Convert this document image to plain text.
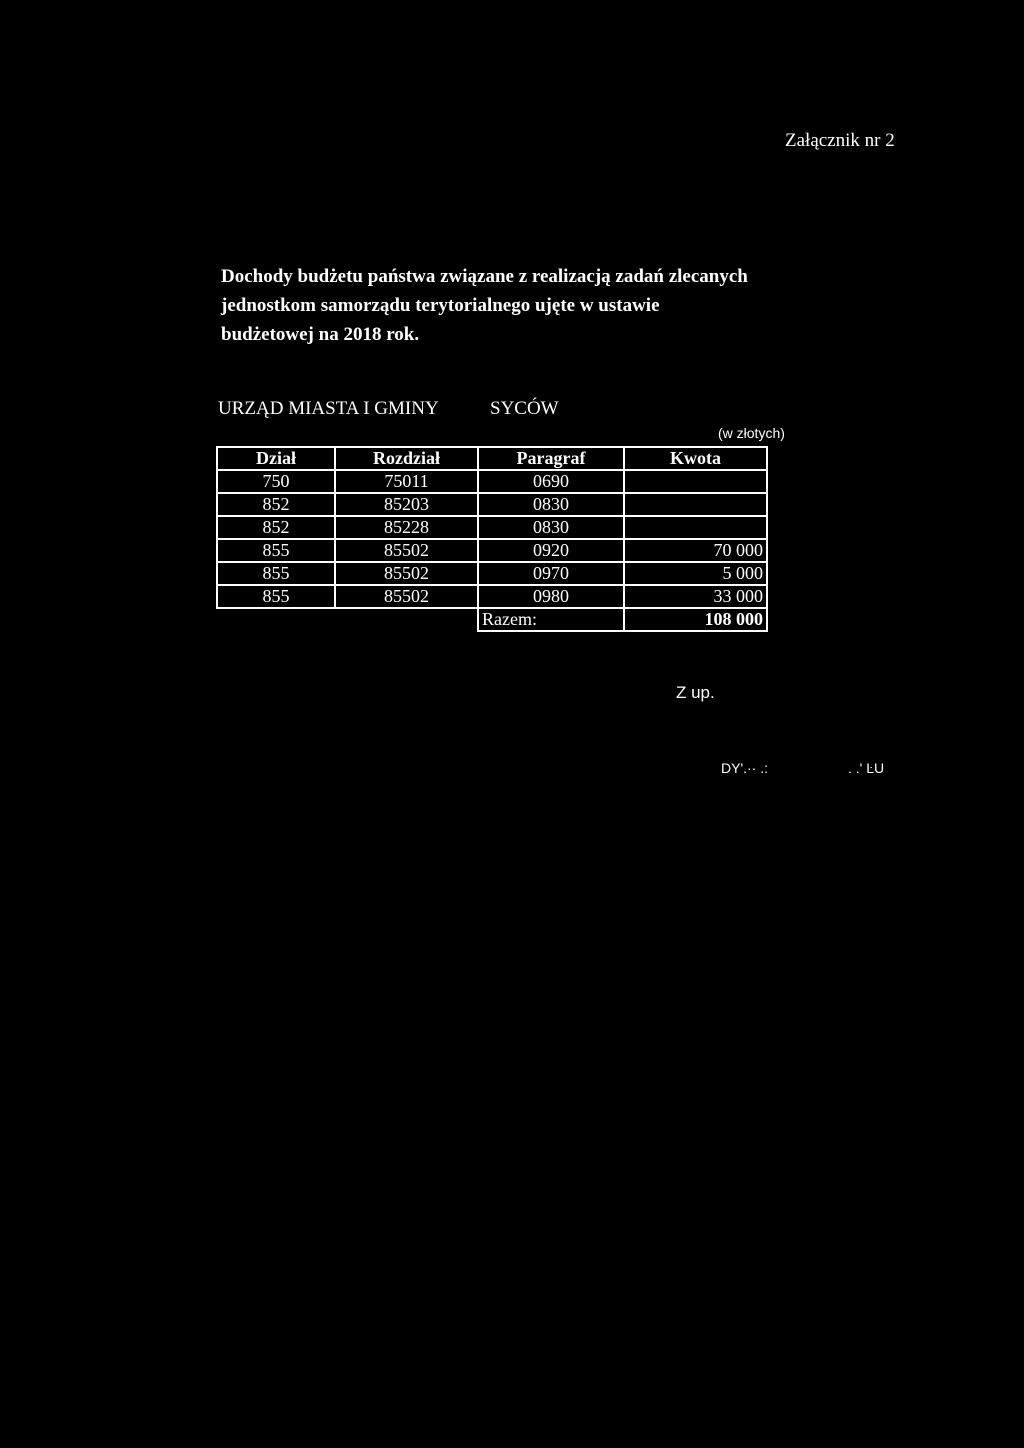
Załącznik nr 2
Dochody budżetu państwa związane z realizacją zadań zlecanych
jednostkom samorządu terytorialnego ujęte w ustawie
budżetowej na 2018 rok.
URZĄD MIASTA I GMINY	SYCÓW
(w złotych)
Dział	Rozdział	Paragraf	Kwota
750	75011	0690	
852	85203	0830	
852	85228	0830	
855	85502	0920	70 000
855	85502	0970	5 000
855	85502	0980	33 000
		Razem:	108 000
Z up.
DY'.·· .:	. .' ĿU
